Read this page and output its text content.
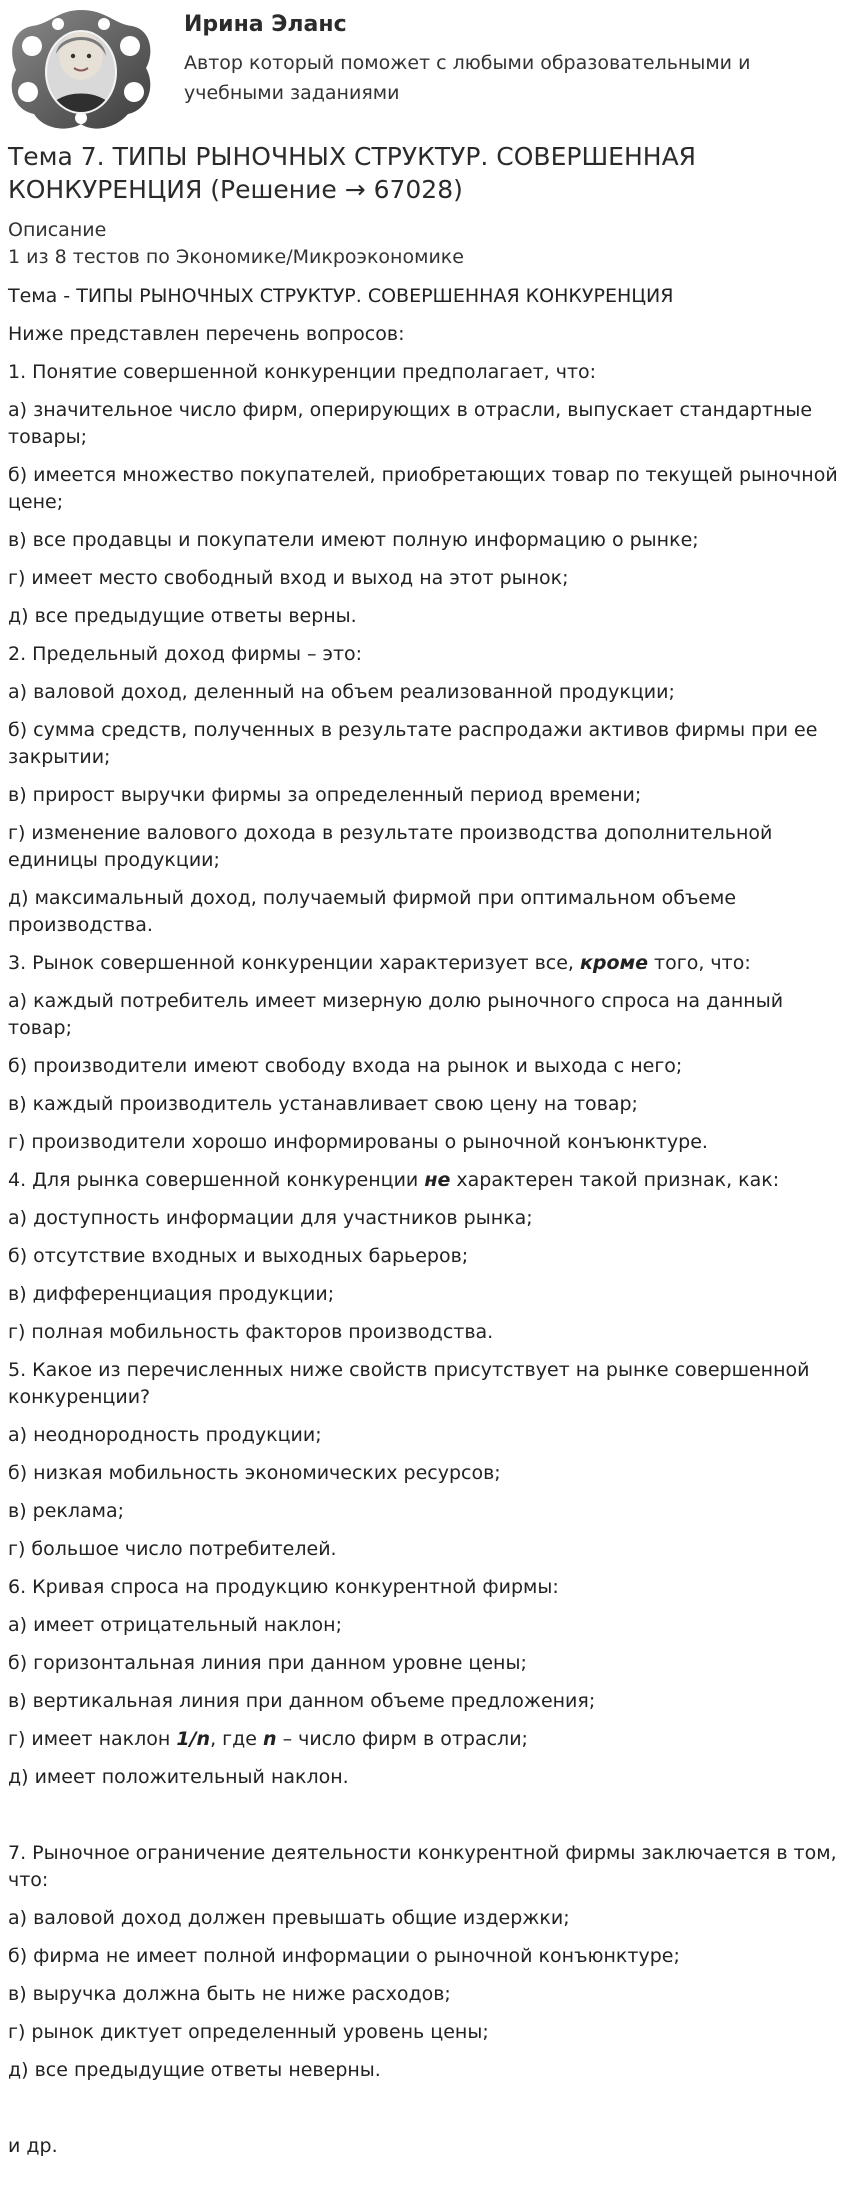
Ирина Эланс

Автор который поможет с любыми образовательными и учебными заданиями

Тема 7. ТИПЫ РЫНОЧНЫХ СТРУКТУР. СОВЕРШЕННАЯ КОНКУРЕНЦИЯ (Решение → 67028)

Описание

1 из 8 тестов по Экономике/Микроэкономике

Тема - ТИПЫ РЫНОЧНЫХ СТРУКТУР. СОВЕРШЕННАЯ КОНКУРЕНЦИЯ

Ниже представлен перечень вопросов:

1. Понятие совершенной конкуренции предполагает, что:

а) значительное число фирм, оперирующих в отрасли, выпускает стандартные товары;

б) имеется множество покупателей, приобретающих товар по текущей рыночной цене;

в) все продавцы и покупатели имеют полную информацию о рынке;

г) имеет место свободный вход и выход на этот рынок;

д) все предыдущие ответы верны.

2. Предельный доход фирмы – это:

а) валовой доход, деленный на объем реализованной продукции;

б) сумма средств, полученных в результате распродажи активов фирмы при ее закрытии;

в) прирост выручки фирмы за определенный период времени;

г) изменение валового дохода в результате производства дополнительной единицы продукции;

д) максимальный доход, получаемый фирмой при оптимальном объеме производства.

3. Рынок совершенной конкуренции характеризует все, кроме того, что:

а) каждый потребитель имеет мизерную долю рыночного спроса на данный товар;

б) производители имеют свободу входа на рынок и выхода с него;

в) каждый производитель устанавливает свою цену на товар;

г) производители хорошо информированы о рыночной конъюнктуре.

4. Для рынка совершенной конкуренции не характерен такой признак, как:

а) доступность информации для участников рынка;

б) отсутствие входных и выходных барьеров;

в) дифференциация продукции;

г) полная мобильность факторов производства.

5. Какое из перечисленных ниже свойств присутствует на рынке совершенной конкуренции?

а) неоднородность продукции;

б) низкая мобильность экономических ресурсов;

в) реклама;

г) большое число потребителей.

6. Кривая спроса на продукцию конкурентной фирмы:

а) имеет отрицательный наклон;

б) горизонтальная линия при данном уровне цены;

в) вертикальная линия при данном объеме предложения;

г) имеет наклон 1/n, где n – число фирм в отрасли;

д) имеет положительный наклон.

7. Рыночное ограничение деятельности конкурентной фирмы заключается в том, что:

а) валовой доход должен превышать общие издержки;

б) фирма не имеет полной информации о рыночной конъюнктуре;

в) выручка должна быть не ниже расходов;

г) рынок диктует определенный уровень цены;

д) все предыдущие ответы неверны.

и др.
